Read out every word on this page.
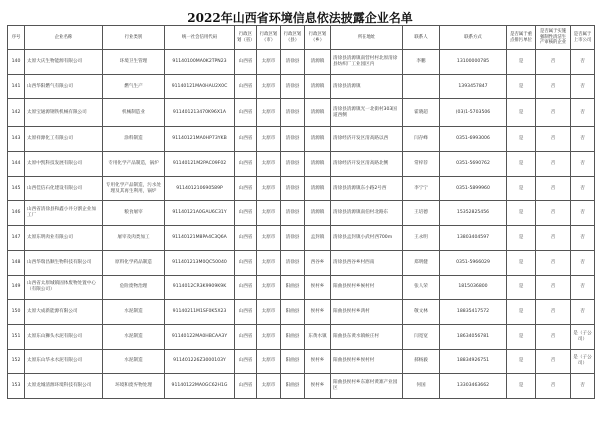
2022年山西省环境信息依法披露企业名单
序号	企业名称	行业类别	统一社会信用代码	行政区划（省）	行政区划（市）	行政区划（县）	行政区划（乡）	所在地址	联系人	联系方式	是否属于重点排污单位	是否属于实施强制性清洁生产审核的企业	是否属于上市公司
140	太原大庆生物能源有限公司	环境卫生管理	91140100MA0K2TPN23	山西省	太原市	清徐县	清源镇	清徐县清源镇南营村村北原清徐县纺织厂工业园区内	李鹏	13100000785	是	否	否
141	山西华阳燃气有限公司	燃气生产	91140121MA0HAU2X0C	山西省	太原市	清徐县	清源镇	清徐县清源镇		1393457847	是	否	否
142	太原宝通源钢铁机械有限公司	机械制造业	911401213470K96X1A	山西省	太原市	清徐县	清源镇	清徐县清源镇光一北街村303国道西侧	霍晓超	(03)1-5703506	是	否	否
143	太原祥源化工有限公司	涂料制造	91140121MA0HP73YKB	山西省	太原市	清徐县	清源镇	清徐经济开发区清高路以西	闫存峰	0351-6993006	是	否	否
144	太原中凯科技发展有限公司	专用化学产品制造，锅炉	91140121M2PAC09F02	山西省	太原市	清徐县	清源镇	清徐经济开发区清高路北侧	常梓荐	0351-5690762	是	否	否
145	山西佳信石化建设有限公司	专用化学产品制造，污水处理及其再生利用，锅炉	911401210690589P	山西省	太原市	清徐县	清源镇	清徐县清源镇东小路2号西	李宁宁	0351-5899960	是	否	否
146	山西省清徐县和鑫小井分割企业加工厂	粮食屠宰	91140121A0GAU6C31Y	山西省	太原市	清徐县	清源镇	清徐县清源镇南伯村北路东	王培德	15352825456	是	否	否
147	太原东明肉业有限公司	屠宰及肉类加工	91140121M8PA4C3Q6A	山西省	太原市	清徐县	孟封镇	清徐县孟封镇小武村西700m	王永明	13803404597	是	否	否
148	山西华瑞昌顺生物科技有限公司	原料化学药品制造	911401213M0QC50040	山西省	太原市	清徐县	西谷乡	清徐县西谷乡村西南	郑明健	0351-5966029	是	否	否
149	山西省太原城镇固体废物处置中心（有限公司）	危险废物治理	9114012CR3K9909K9K	山西省	太原市	阳曲县	侯村乡	阳曲县侯村乡候村村	张人荣	1815036800	是	否	否
150	太原大成新能源有限公司	水泥制造	91140211M1SF0K5X23	山西省	太原市	阳曲县	侯村乡	阳曲县侯村乡鸿村	敬文林	18835417572	是	否	否
151	太原东山狮头水泥有限公司	水泥制造	91140122MA0HBCAA3Y	山西省	太原市	阳曲县	东黄水镇	阳曲县东黄水镇候庄村	闫宽宽	18634056781	是	否	是（子公司）
152	太原东山华永水泥有限公司	水泥制造	911401226Z3000103Y	山西省	太原市	阳曲县	侯村乡	阳曲县侯村乡侯村村	郝杨毅	18834926751	是	否	是（子公司）
153	太原龙城清源环境科技有限公司	环境和废弃物处理	91140122MA0GC62H1G	山西省	太原市	阳曲县	侯村乡	阳曲县侯村乡东寨村黄寨产业园区	何国	13303463662	是	否	否
